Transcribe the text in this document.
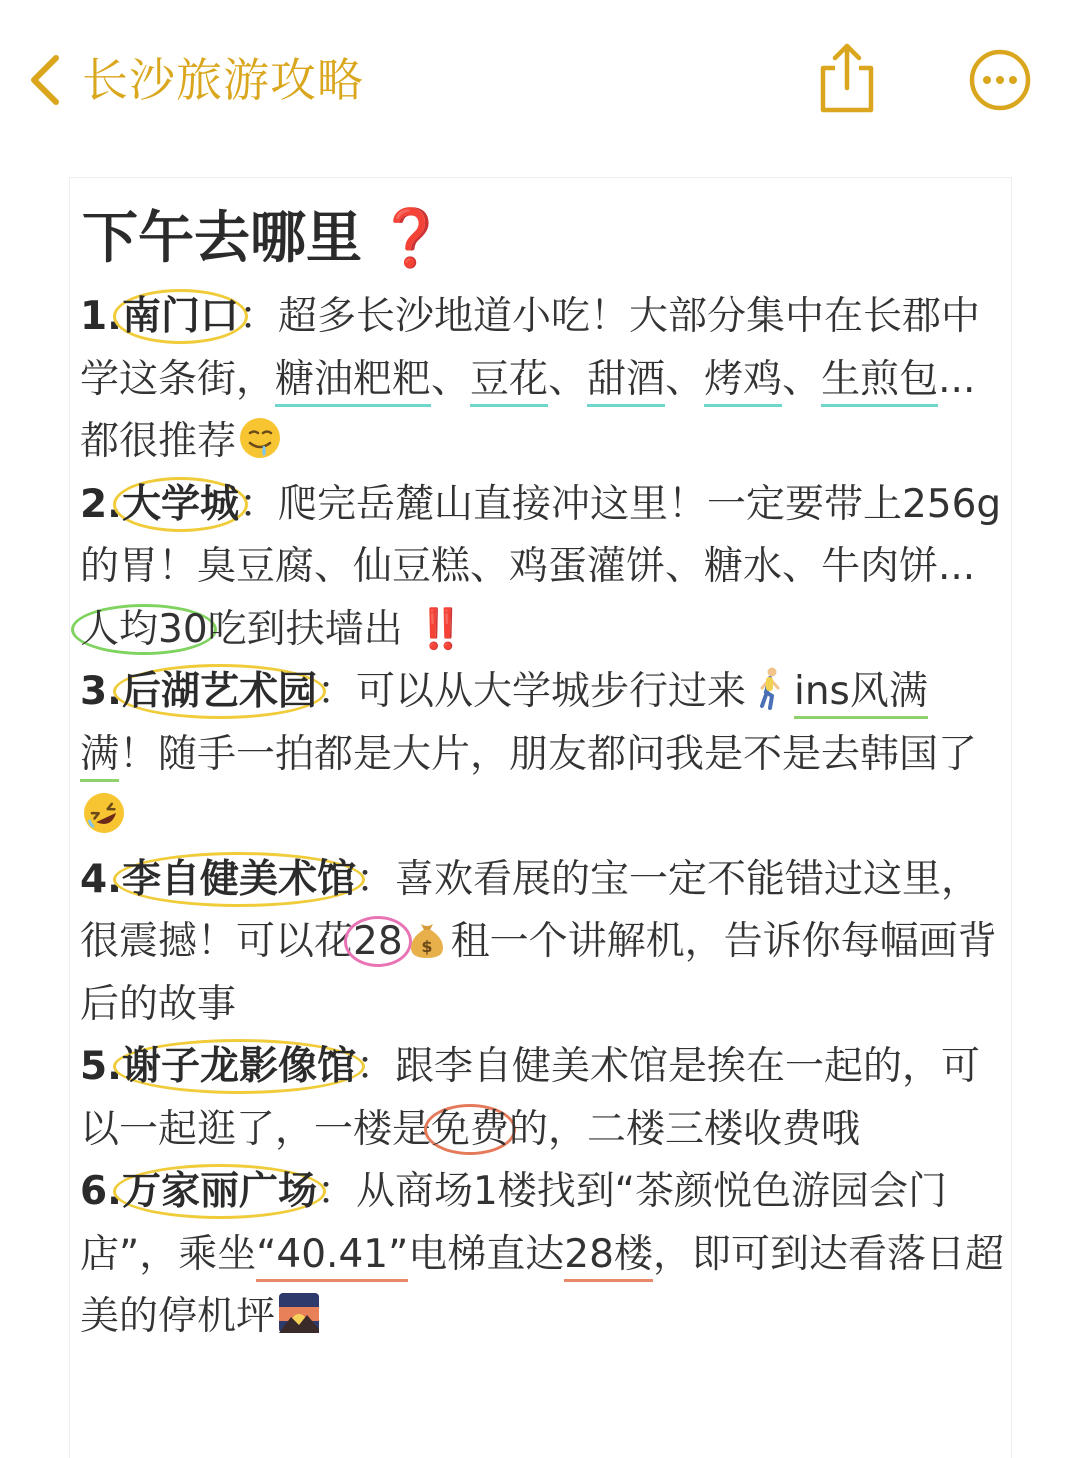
长沙旅游攻略
下午去哪里 ❓
1.南门口：超多长沙地道小吃！大部分集中在长郡中学这条街，糖油粑粑、豆花、甜酒、烤鸡、生煎包...都很推荐
2.大学城：爬完岳麓山直接冲这里！一定要带上256g的胃！臭豆腐、仙豆糕、鸡蛋灌饼、糖水、牛肉饼...人均30吃到扶墙出 ‼️
3.后湖艺术园：可以从大学城步行过来 ins风满满！随手一拍都是大片，朋友都问我是不是去韩国了
4.李自健美术馆：喜欢看展的宝一定不能错过这里，很震撼！可以花28 $ 租一个讲解机，告诉你每幅画背后的故事
5.谢子龙影像馆：跟李自健美术馆是挨在一起的，可以一起逛了，一楼是免费的，二楼三楼收费哦
6.万家丽广场：从商场1楼找到“茶颜悦色游园会门店”，乘坐“40.41”电梯直达28楼，即可到达看落日超美的停机坪
